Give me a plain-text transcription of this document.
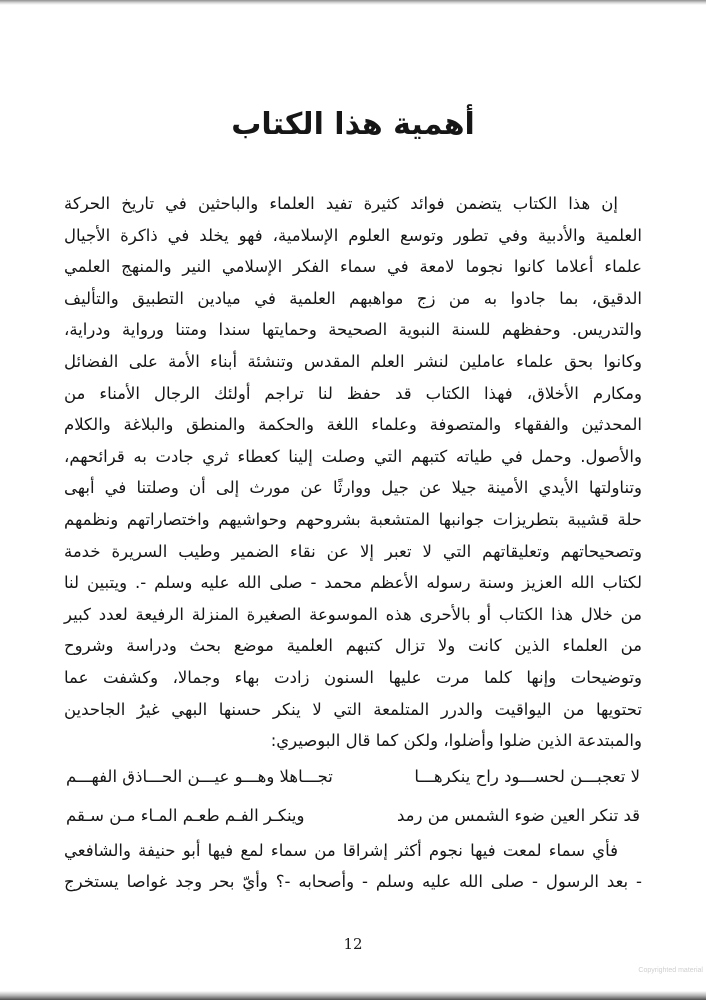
أهمية هذا الكتاب
إن هذا الكتاب يتضمن فوائد كثيرة تفيد العلماء والباحثين في تاريخ الحركة
العلمية والأدبية وفي تطور وتوسع العلوم الإسلامية، فهو يخلد في ذاكرة الأجيال
علماء أعلاما كانوا نجوما لامعة في سماء الفكر الإسلامي النير والمنهج العلمي
الدقيق، بما جادوا به من زج مواهبهم العلمية في ميادين التطبيق والتأليف
والتدريس. وحفظهم للسنة النبوية الصحيحة وحمايتها سندا ومتنا ورواية ودراية،
وكانوا بحق علماء عاملين لنشر العلم المقدس وتنشئة أبناء الأمة على الفضائل
ومكارم الأخلاق، فهذا الكتاب قد حفظ لنا تراجم أولئك الرجال الأمناء من
المحدثين والفقهاء والمتصوفة وعلماء اللغة والحكمة والمنطق والبلاغة والكلام
والأصول. وحمل في طياته كتبهم التي وصلت إلينا كعطاء ثري جادت به قرائحهم،
وتناولتها الأيدي الأمينة جيلا عن جيل ووارثًا عن مورث إلى أن وصلتنا في أبهى
حلة قشيبة بتطريزات جوانبها المتشعبة بشروحهم وحواشيهم واختصاراتهم ونظمهم
وتصحيحاتهم وتعليقاتهم التي لا تعبر إلا عن نقاء الضمير وطيب السريرة خدمة
لكتاب الله العزيز وسنة رسوله الأعظم محمد - صلى الله عليه وسلم -. ويتبين لنا
من خلال هذا الكتاب أو بالأحرى هذه الموسوعة الصغيرة المنزلة الرفيعة لعدد كبير
من العلماء الذين كانت ولا تزال كتبهم العلمية موضع بحث ودراسة وشروح
وتوضيحات وإنها كلما مرت عليها السنون زادت بهاء وجمالا، وكشفت عما
تحتويها من اليواقيت والدرر المتلمعة التي لا ينكر حسنها البهي غيرُ الجاحدين
والمبتدعة الذين ضلوا وأضلوا، ولكن كما قال البوصيري:
لا تعجبـــن لحســـود راح ينكرهـــا
تجـــاهلا وهـــو عيـــن الحـــاذق الفهـــم
قد تنكر العين ضوء الشمس من رمد
وينكـر الفـم طعـم المـاء مـن سـقم
فأي سماء لمعت فيها نجوم أكثر إشراقا من سماء لمع فيها أبو حنيفة والشافعي
- بعد الرسول - صلى الله عليه وسلم - وأصحابه -؟ وأيّ بحر وجد غواصا يستخرج
12
Copyrighted material
